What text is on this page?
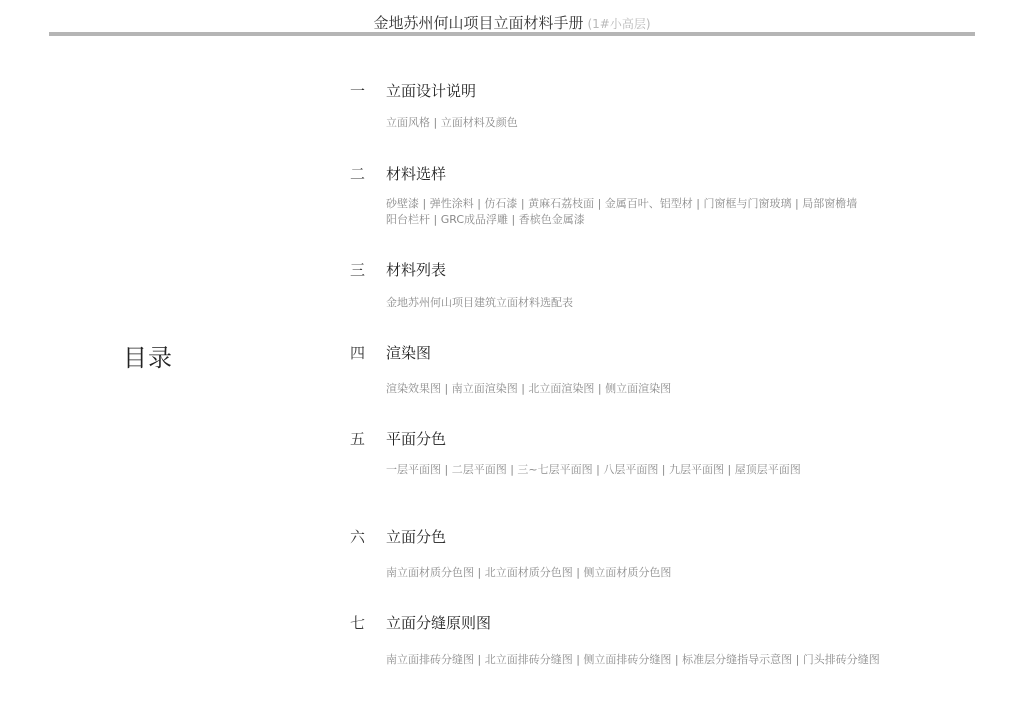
金地苏州何山项目立面材料手册 (1#小高层)
目录
一 立面设计说明
立面风格 | 立面材料及颜色
二 材料选样
砂壁漆 | 弹性涂料 | 仿石漆 | 黄麻石荔枝面 | 金属百叶、铝型材 | 门窗框与门窗玻璃 | 局部窗檐墙
阳台栏杆 | GRC成品浮雕 | 香槟色金属漆
三 材料列表
金地苏州何山项目建筑立面材料选配表
四 渲染图
渲染效果图 | 南立面渲染图 | 北立面渲染图 | 侧立面渲染图
五 平面分色
一层平面图 | 二层平面图 | 三~七层平面图 | 八层平面图 | 九层平面图 | 屋顶层平面图
六 立面分色
南立面材质分色图 | 北立面材质分色图 | 侧立面材质分色图
七 立面分缝原则图
南立面排砖分缝图 | 北立面排砖分缝图 | 侧立面排砖分缝图 | 标准层分缝指导示意图 | 门头排砖分缝图
